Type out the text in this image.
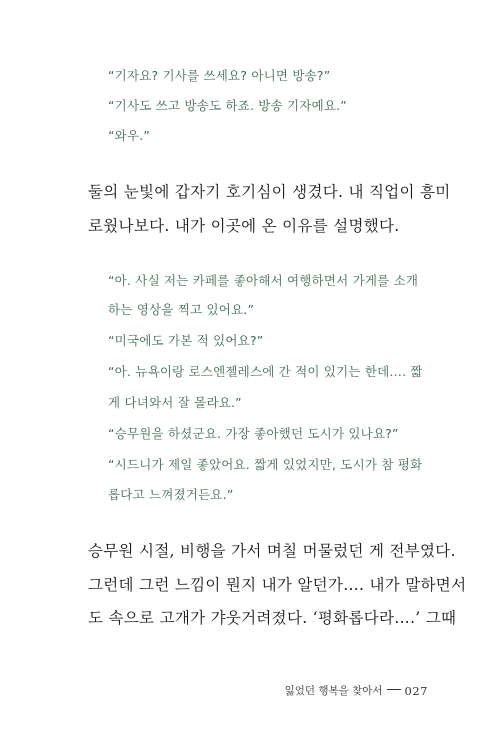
“기자요? 기사를 쓰세요? 아니면 방송?”
“기사도 쓰고 방송도 하죠. 방송 기자예요.”
“와우.”
둘의 눈빛에 갑자기 호기심이 생겼다. 내 직업이 흥미
로웠나보다. 내가 이곳에 온 이유를 설명했다.
“아. 사실 저는 카페를 좋아해서 여행하면서 가게를 소개
하는 영상을 찍고 있어요.”
“미국에도 가본 적 있어요?”
“아. 뉴욕이랑 로스엔젤레스에 간 적이 있기는 한데…. 짧
게 다녀와서 잘 몰라요.”
“승무원을 하셨군요. 가장 좋아했던 도시가 있나요?”
“시드니가 제일 좋았어요. 짧게 있었지만, 도시가 참 평화
롭다고 느껴졌거든요.”
승무원 시절, 비행을 가서 며칠 머물렀던 게 전부였다.
그런데 그런 느낌이 뭔지 내가 알던가…. 내가 말하면서
도 속으로 고개가 갸웃거려졌다. ‘평화롭다라….’ 그때
잃었던 행복을 찾아서 027
